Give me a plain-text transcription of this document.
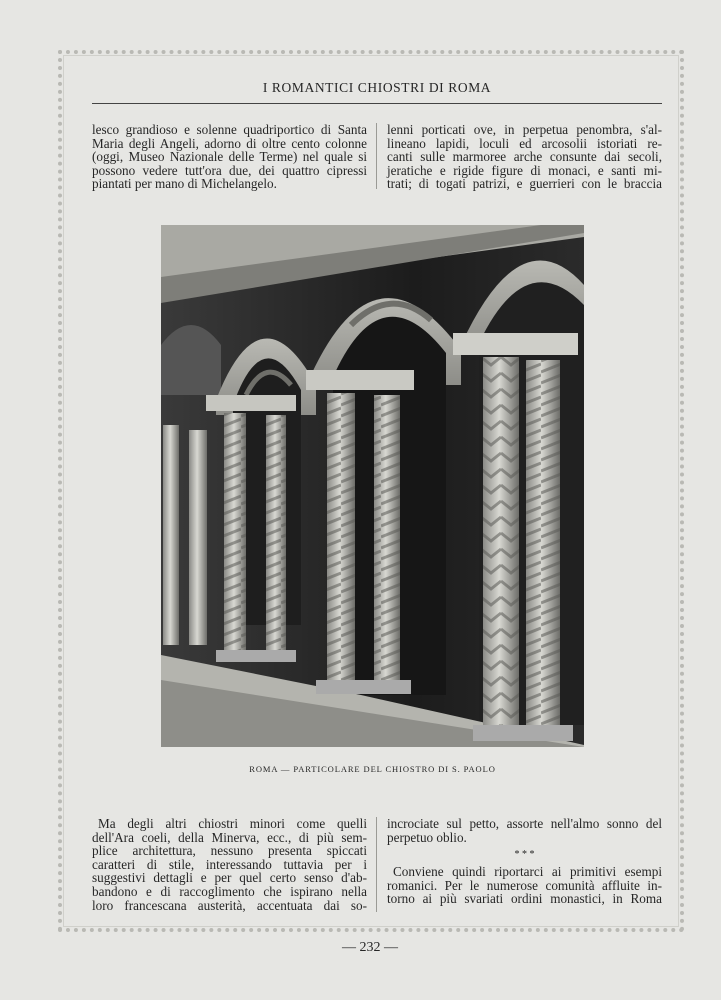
I ROMANTICI CHIOSTRI DI ROMA
lesco grandioso e solenne quadriportico di Santa
Maria degli Angeli, adorno di oltre cento colonne
(oggi, Museo Nazionale delle Terme) nel quale si
possono vedere tutt'ora due, dei quattro cipressi
piantati per mano di Michelangelo.
lenni porticati ove, in perpetua penombra, s'al-
lineano lapidi, loculi ed arcosolii istoriati re-
canti sulle marmoree arche consunte dai secoli,
jeratiche e rigide figure di monaci, e santi mi-
trati; di togati patrizi, e guerrieri con le braccia
ROMA — PARTICOLARE DEL CHIOSTRO DI S. PAOLO
Ma degli altri chiostri minori come quelli
dell'Ara coeli, della Minerva, ecc., di più sem-
plice architettura, nessuno presenta spiccati
caratteri di stile, interessando tuttavia per i
suggestivi dettagli e per quel certo senso d'ab-
bandono e di raccoglimento che ispirano nella
loro francescana austerità, accentuata dai so-
incrociate sul petto, assorte nell'almo sonno del
perpetuo oblio.
* * *
Conviene quindi riportarci ai primitivi esempi
romanici. Per le numerose comunità affluite in-
torno ai più svariati ordini monastici, in Roma
— 232 —
